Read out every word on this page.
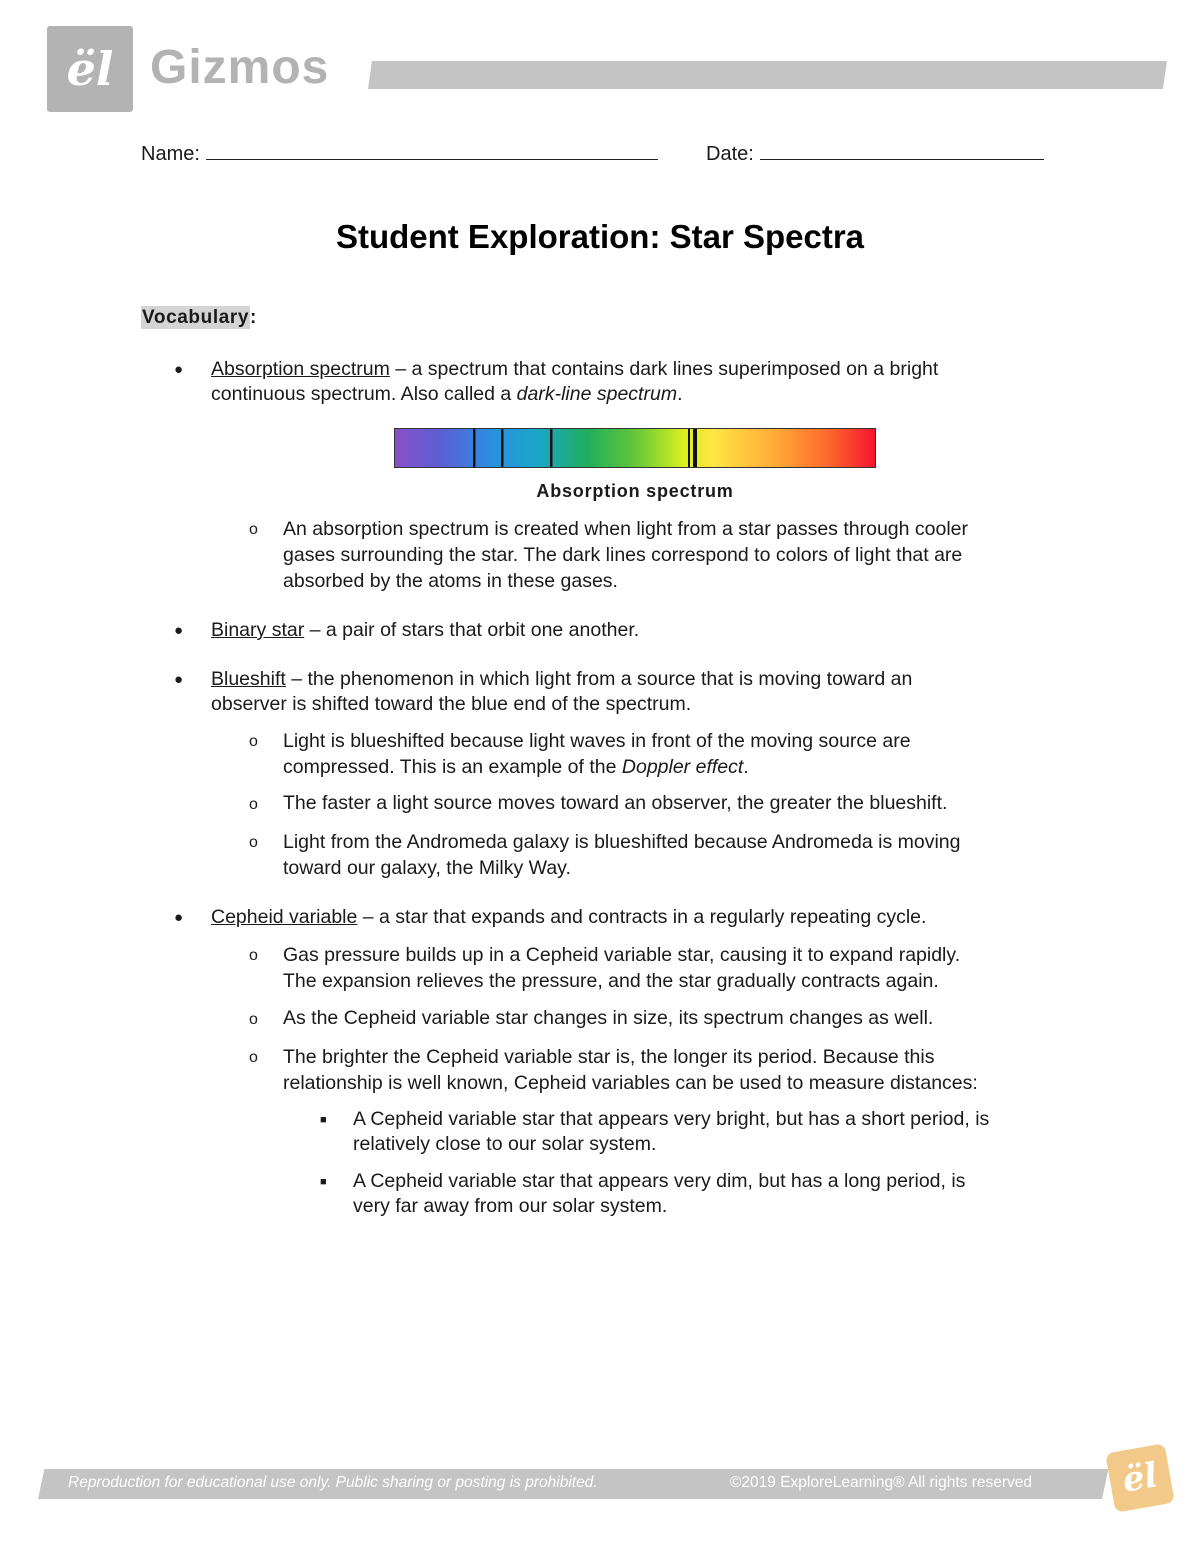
ël Gizmos
Name:	Date:
Student Exploration: Star Spectra
Vocabulary:
● Absorption spectrum – a spectrum that contains dark lines superimposed on a bright
continuous spectrum. Also called a dark-line spectrum.
Absorption spectrum
o An absorption spectrum is created when light from a star passes through cooler
gases surrounding the star. The dark lines correspond to colors of light that are
absorbed by the atoms in these gases.
● Binary star – a pair of stars that orbit one another.
● Blueshift – the phenomenon in which light from a source that is moving toward an
observer is shifted toward the blue end of the spectrum.
o Light is blueshifted because light waves in front of the moving source are
compressed. This is an example of the Doppler effect.
o The faster a light source moves toward an observer, the greater the blueshift.
o Light from the Andromeda galaxy is blueshifted because Andromeda is moving
toward our galaxy, the Milky Way.
● Cepheid variable – a star that expands and contracts in a regularly repeating cycle.
o Gas pressure builds up in a Cepheid variable star, causing it to expand rapidly.
The expansion relieves the pressure, and the star gradually contracts again.
o As the Cepheid variable star changes in size, its spectrum changes as well.
o The brighter the Cepheid variable star is, the longer its period. Because this
relationship is well known, Cepheid variables can be used to measure distances:
■ A Cepheid variable star that appears very bright, but has a short period, is
relatively close to our solar system.
■ A Cepheid variable star that appears very dim, but has a long period, is
very far away from our solar system.
Reproduction for educational use only. Public sharing or posting is prohibited.	©2019 ExploreLearning® All rights reserved	ël
